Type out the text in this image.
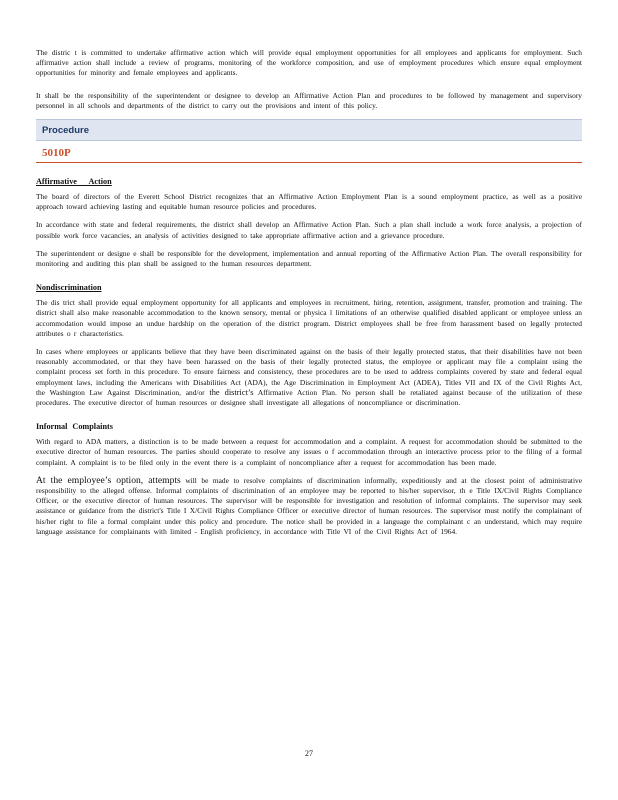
The distric t is committed to undertake affirmative action which will provide equal employment opportunities for all employees and applicants for employment. Such affirmative action shall include a review of programs, monitoring of the workforce composition, and use of employment procedures which ensure equal employment opportunities for minority and female employees and applicants.

It shall be the responsibility of the superintendent or designee to develop an Affirmative Action Plan and procedures to be followed by management and supervisory personnel in all schools and departments of the district to carry out the provisions and intent of this policy.

Procedure
5010P
Affirmative Action

The board of directors of the Everett School District recognizes that an Affirmative Action Employment Plan is a sound employment practice, as well as a positive approach toward achieving lasting and equitable human resource policies and procedures.

In accordance with state and federal requirements, the district shall develop an Affirmative Action Plan. Such a plan shall include a work force analysis, a projection of possible work force vacancies, an analysis of activities designed to take appropriate affirmative action and a grievance procedure.

The superintendent or designe e shall be responsible for the development, implementation and annual reporting of the Affirmative Action Plan. The overall responsibility for monitoring and auditing this plan shall be assigned to the human resources department.

Nondiscrimination

The dis trict shall provide equal employment opportunity for all applicants and employees in recruitment, hiring, retention, assignment, transfer, promotion and training. The district shall also make reasonable accommodation to the known sensory, mental or physica l limitations of an otherwise qualified disabled applicant or employee unless an accommodation would impose an undue hardship on the operation of the district program. District employees shall be free from harassment based on legally protected attributes o r characteristics.

In cases where employees or applicants believe that they have been discriminated against on the basis of their legally protected status, that their disabilities have not been reasonably accommodated, or that they have been harassed on the basis of their legally protected status, the employee or applicant may file a complaint using the complaint process set forth in this procedure. To ensure fairness and consistency, these procedures are to be used to address complaints covered by state and federal equal employment laws, including the Americans with Disabilities Act (ADA), the Age Discrimination in Employment Act (ADEA), Titles VII and IX of the Civil Rights Act, the Washington Law Against Discrimination, and/or the district’s Affirmative Action Plan. No person shall be retaliated against because of the utilization of these procedures. The executive director of human resources or designee shall investigate all allegations of noncompliance or discrimination.

Informal Complaints

With regard to ADA matters, a distinction is to be made between a request for accommodation and a complaint. A request for accommodation should be submitted to the executive director of human resources. The parties should cooperate to resolve any issues o f accommodation through an interactive process prior to the filing of a formal complaint. A complaint is to be filed only in the event there is a complaint of noncompliance after a request for accommodation has been made.

At the employee’s option, attempts will be made to resolve complaints of discrimination informally, expeditiously and at the closest point of administrative responsibility to the alleged offense. Informal complaints of discrimination of an employee may be reported to his/her supervisor, th e Title IX/Civil Rights Compliance Officer, or the executive director of human resources. The supervisor will be responsible for investigation and resolution of informal complaints. The supervisor may seek assistance or guidance from the district's Title I X/Civil Rights Compliance Officer or executive director of human resources. The supervisor must notify the complainant of his/her right to file a formal complaint under this policy and procedure. The notice shall be provided in a language the complainant c an understand, which may require language assistance for complainants with limited - English proficiency, in accordance with Title VI of the Civil Rights Act of 1964.

27
